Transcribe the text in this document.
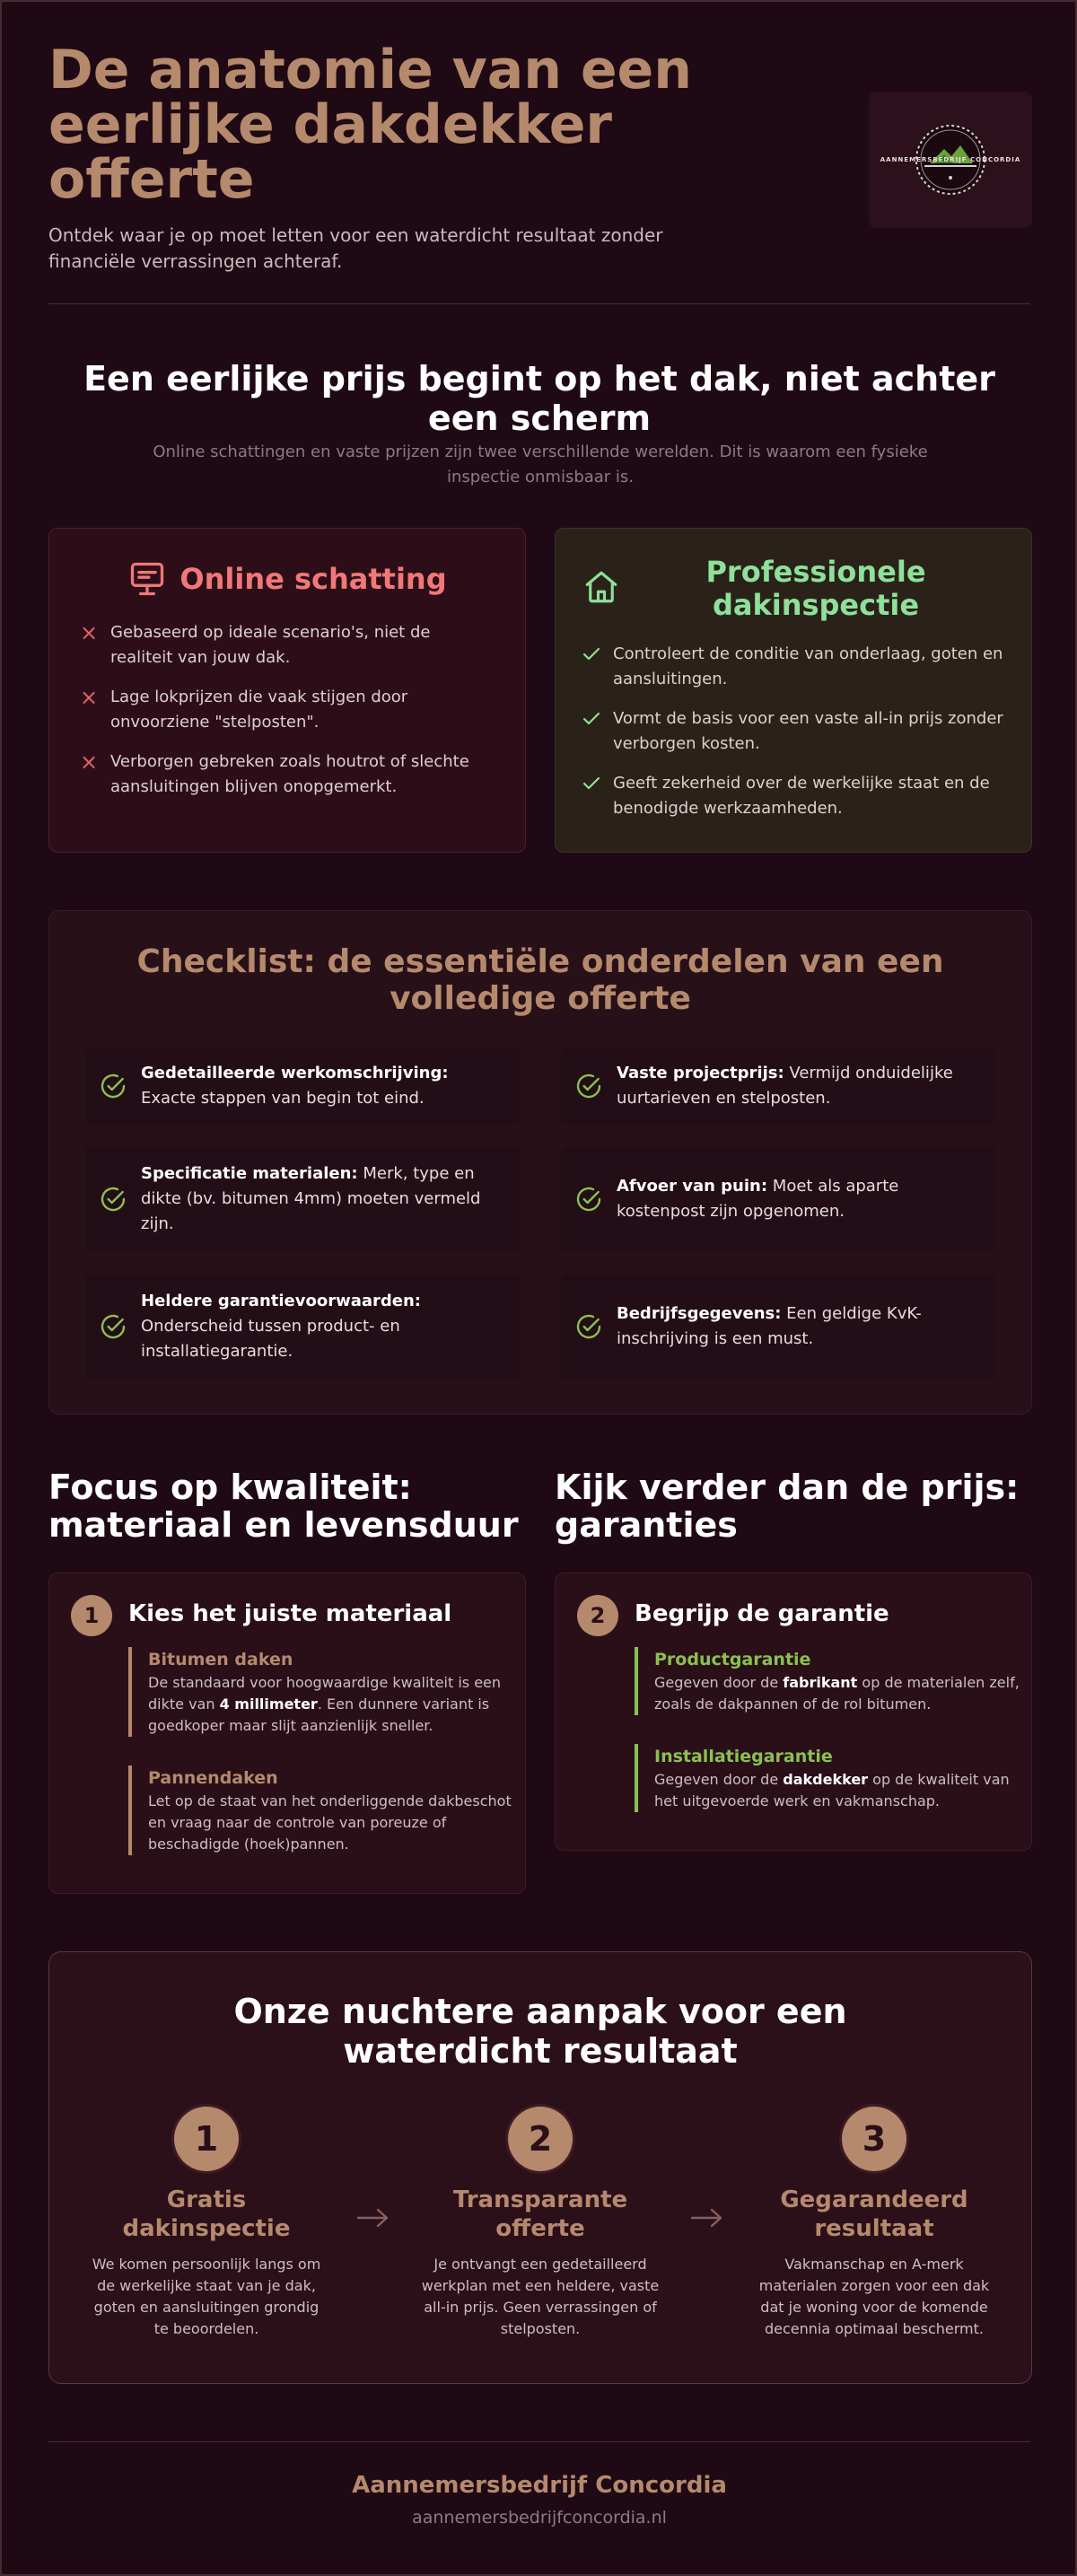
De anatomie van een eerlijke dakdekker offerte
Ontdek waar je op moet letten voor een waterdicht resultaat zonder financiële verrassingen achteraf.
AANNEMERSBEDRIJF CONCORDIA
Een eerlijke prijs begint op het dak, niet achter een scherm
Online schattingen en vaste prijzen zijn twee verschillende werelden. Dit is waarom een fysieke inspectie onmisbaar is.
Online schatting
× Gebaseerd op ideale scenario's, niet de realiteit van jouw dak.
× Lage lokprijzen die vaak stijgen door onvoorziene "stelposten".
× Verborgen gebreken zoals houtrot of slechte aansluitingen blijven onopgemerkt.
Professionele dakinspectie
Controleert de conditie van onderlaag, goten en aansluitingen.
Vormt de basis voor een vaste all-in prijs zonder verborgen kosten.
Geeft zekerheid over de werkelijke staat en de benodigde werkzaamheden.
Checklist: de essentiële onderdelen van een volledige offerte
Gedetailleerde werkomschrijving: Exacte stappen van begin tot eind.
Vaste projectprijs: Vermijd onduidelijke uurtarieven en stelposten.
Specificatie materialen: Merk, type en dikte (bv. bitumen 4mm) moeten vermeld zijn.
Afvoer van puin: Moet als aparte kostenpost zijn opgenomen.
Heldere garantievoorwaarden: Onderscheid tussen product- en installatiegarantie.
Bedrijfsgegevens: Een geldige KvK-inschrijving is een must.
Focus op kwaliteit: materiaal en levensduur
1	Kies het juiste materiaal
Bitumen daken
De standaard voor hoogwaardige kwaliteit is een dikte van 4 millimeter. Een dunnere variant is goedkoper maar slijt aanzienlijk sneller.
Pannendaken
Let op de staat van het onderliggende dakbeschot en vraag naar de controle van poreuze of beschadigde (hoek)pannen.
Kijk verder dan de prijs: garanties
2	Begrijp de garantie
Productgarantie
Gegeven door de fabrikant op de materialen zelf, zoals de dakpannen of de rol bitumen.
Installatiegarantie
Gegeven door de dakdekker op de kwaliteit van het uitgevoerde werk en vakmanschap.
Onze nuchtere aanpak voor een waterdicht resultaat
1
Gratis dakinspectie
We komen persoonlijk langs om de werkelijke staat van je dak, goten en aansluitingen grondig te beoordelen.
2
Transparante offerte
Je ontvangt een gedetailleerd werkplan met een heldere, vaste all-in prijs. Geen verrassingen of stelposten.
3
Gegarandeerd resultaat
Vakmanschap en A-merk materialen zorgen voor een dak dat je woning voor de komende decennia optimaal beschermt.
Aannemersbedrijf Concordia
aannemersbedrijfconcordia.nl
